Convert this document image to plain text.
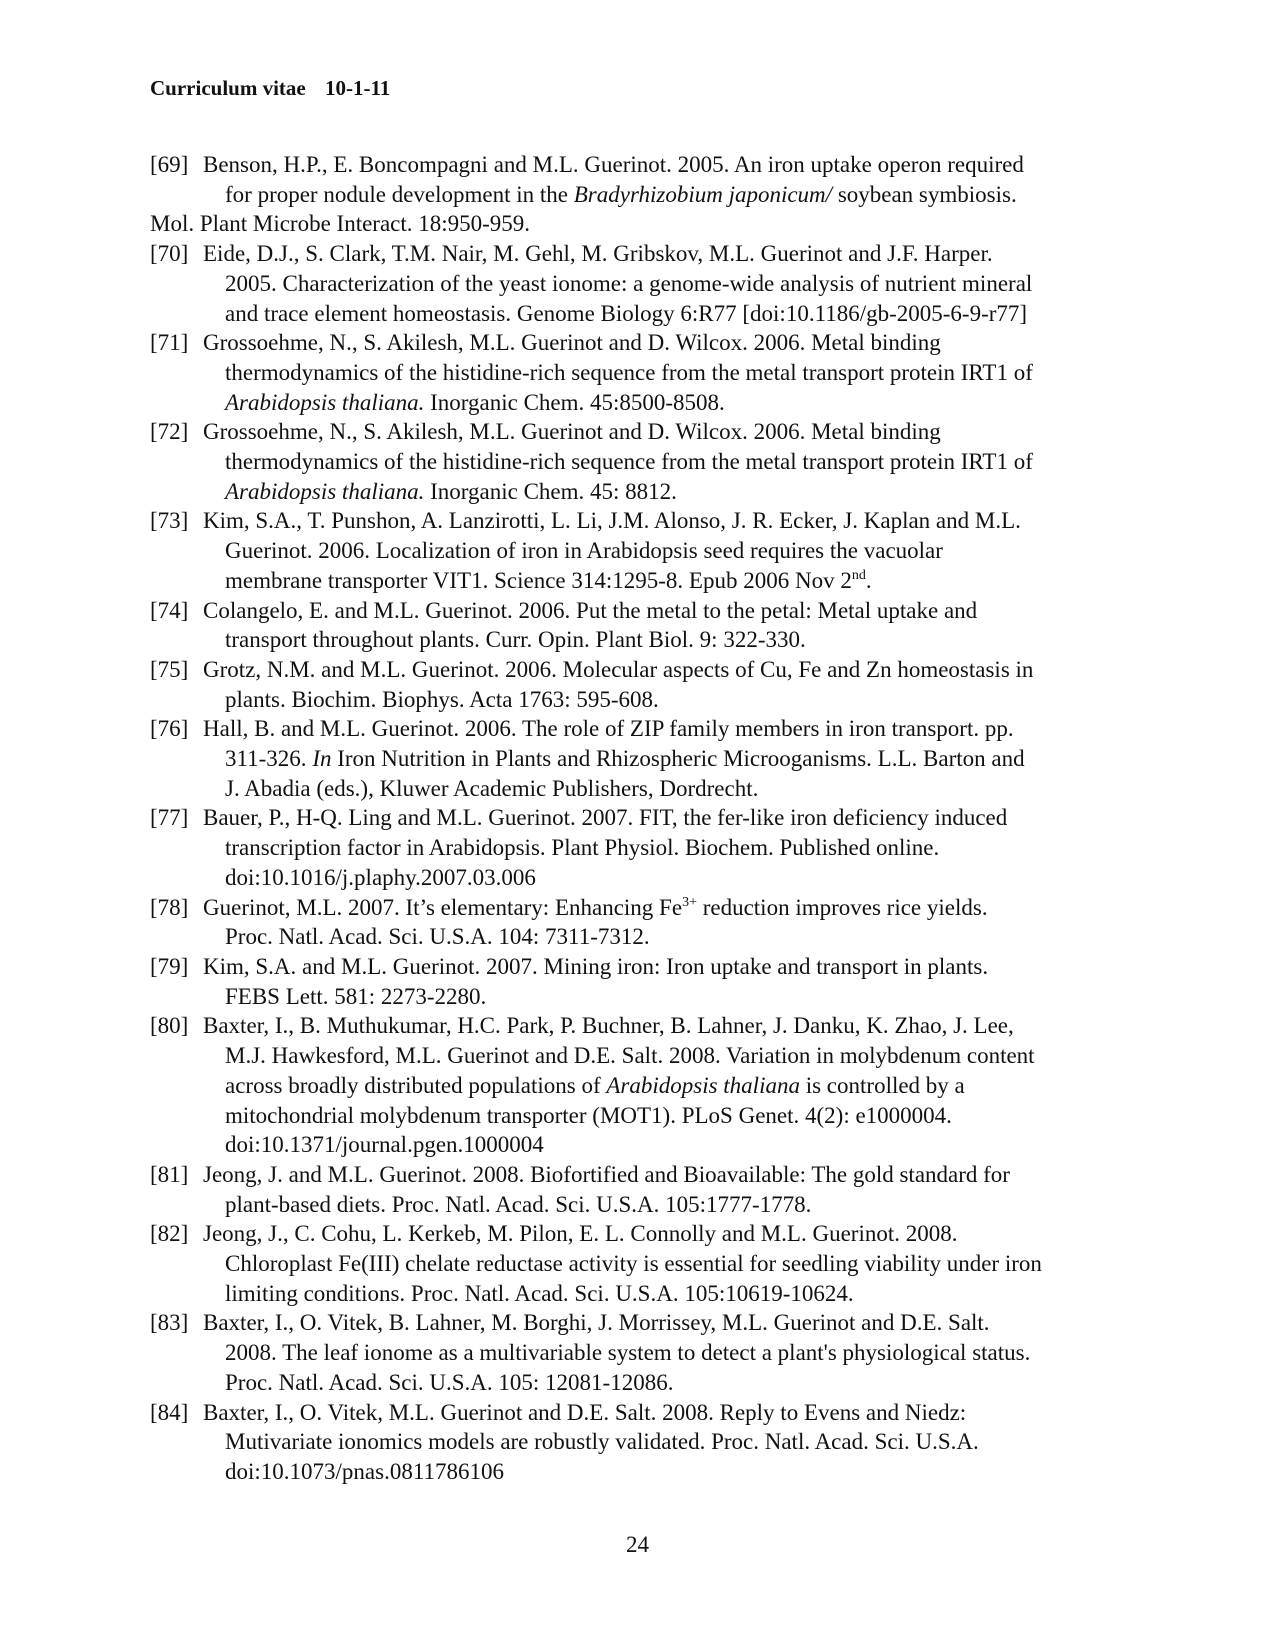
Curriculum vitae 10-1-11
[69] Benson, H.P., E. Boncompagni and M.L. Guerinot. 2005. An iron uptake operon required
for proper nodule development in the Bradyrhizobium japonicum/ soybean symbiosis.
Mol. Plant Microbe Interact. 18:950-959.
[70] Eide, D.J., S. Clark, T.M. Nair, M. Gehl, M. Gribskov, M.L. Guerinot and J.F. Harper.
2005. Characterization of the yeast ionome: a genome-wide analysis of nutrient mineral
and trace element homeostasis. Genome Biology 6:R77 [doi:10.1186/gb-2005-6-9-r77]
[71] Grossoehme, N., S. Akilesh, M.L. Guerinot and D. Wilcox. 2006. Metal binding
thermodynamics of the histidine-rich sequence from the metal transport protein IRT1 of
Arabidopsis thaliana. Inorganic Chem. 45:8500-8508.
[72] Grossoehme, N., S. Akilesh, M.L. Guerinot and D. Wilcox. 2006. Metal binding
thermodynamics of the histidine-rich sequence from the metal transport protein IRT1 of
Arabidopsis thaliana. Inorganic Chem. 45: 8812.
[73] Kim, S.A., T. Punshon, A. Lanzirotti, L. Li, J.M. Alonso, J. R. Ecker, J. Kaplan and M.L.
Guerinot. 2006. Localization of iron in Arabidopsis seed requires the vacuolar
membrane transporter VIT1. Science 314:1295-8. Epub 2006 Nov 2nd.
[74] Colangelo, E. and M.L. Guerinot. 2006. Put the metal to the petal: Metal uptake and
transport throughout plants. Curr. Opin. Plant Biol. 9: 322-330.
[75] Grotz, N.M. and M.L. Guerinot. 2006. Molecular aspects of Cu, Fe and Zn homeostasis in
plants. Biochim. Biophys. Acta 1763: 595-608.
[76] Hall, B. and M.L. Guerinot. 2006. The role of ZIP family members in iron transport. pp.
311-326. In Iron Nutrition in Plants and Rhizospheric Microoganisms. L.L. Barton and
J. Abadia (eds.), Kluwer Academic Publishers, Dordrecht.
[77] Bauer, P., H-Q. Ling and M.L. Guerinot. 2007. FIT, the fer-like iron deficiency induced
transcription factor in Arabidopsis. Plant Physiol. Biochem. Published online.
doi:10.1016/j.plaphy.2007.03.006
[78] Guerinot, M.L. 2007. It’s elementary: Enhancing $Fe^{3+}$ reduction improves rice yields.
Proc. Natl. Acad. Sci. U.S.A. 104: 7311-7312.
[79] Kim, S.A. and M.L. Guerinot. 2007. Mining iron: Iron uptake and transport in plants.
FEBS Lett. 581: 2273-2280.
[80] Baxter, I., B. Muthukumar, H.C. Park, P. Buchner, B. Lahner, J. Danku, K. Zhao, J. Lee,
M.J. Hawkesford, M.L. Guerinot and D.E. Salt. 2008. Variation in molybdenum content
across broadly distributed populations of Arabidopsis thaliana is controlled by a
mitochondrial molybdenum transporter (MOT1). PLoS Genet. 4(2): e1000004.
doi:10.1371/journal.pgen.1000004
[81] Jeong, J. and M.L. Guerinot. 2008. Biofortified and Bioavailable: The gold standard for
plant-based diets. Proc. Natl. Acad. Sci. U.S.A. 105:1777-1778.
[82] Jeong, J., C. Cohu, L. Kerkeb, M. Pilon, E. L. Connolly and M.L. Guerinot. 2008.
Chloroplast Fe(III) chelate reductase activity is essential for seedling viability under iron
limiting conditions. Proc. Natl. Acad. Sci. U.S.A. 105:10619-10624.
[83] Baxter, I., O. Vitek, B. Lahner, M. Borghi, J. Morrissey, M.L. Guerinot and D.E. Salt.
2008. The leaf ionome as a multivariable system to detect a plant's physiological status.
Proc. Natl. Acad. Sci. U.S.A. 105: 12081-12086.
[84] Baxter, I., O. Vitek, M.L. Guerinot and D.E. Salt. 2008. Reply to Evens and Niedz:
Mutivariate ionomics models are robustly validated. Proc. Natl. Acad. Sci. U.S.A.
doi:10.1073/pnas.0811786106
24
